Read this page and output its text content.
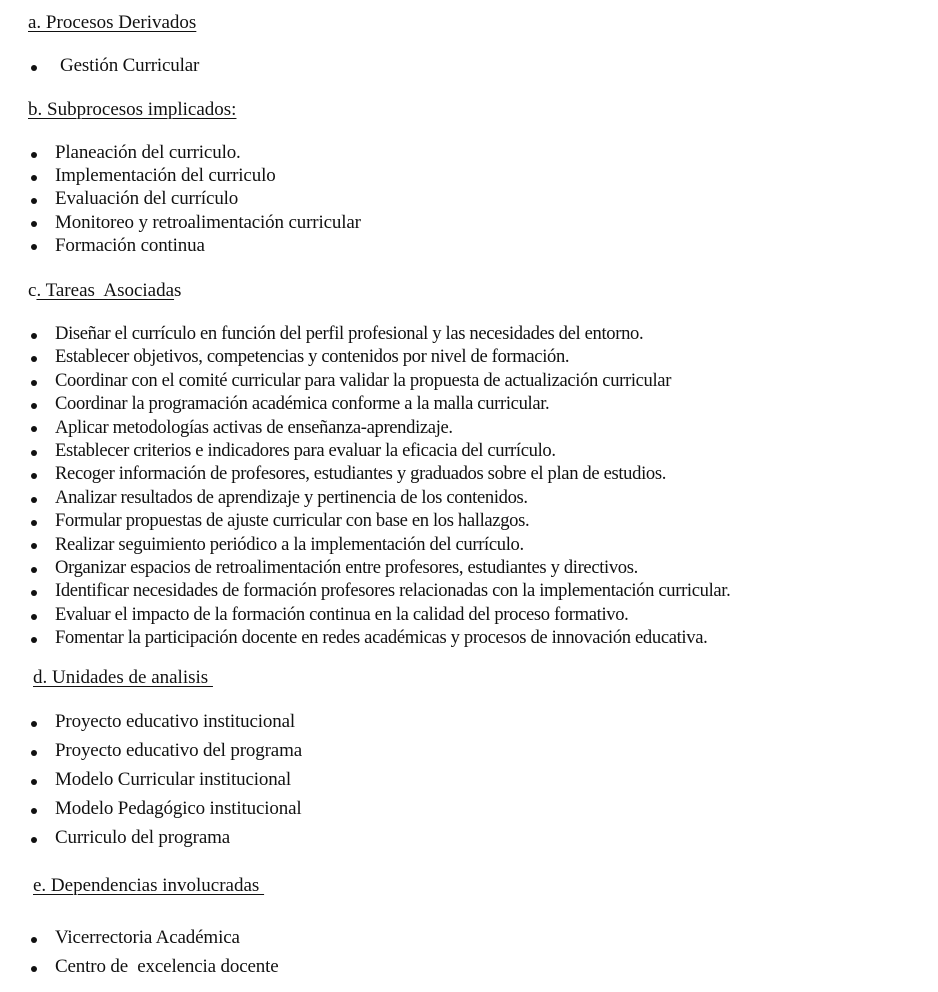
a. Procesos Derivados
Gestión Curricular
b. Subprocesos implicados:
Planeación del curriculo.
Implementación del curriculo
Evaluación del currículo
Monitoreo y retroalimentación curricular
Formación continua
c. Tareas  Asociadas
Diseñar el currículo en función del perfil profesional y las necesidades del entorno.
Establecer objetivos, competencias y contenidos por nivel de formación.
Coordinar con el comité curricular para validar la propuesta de actualización curricular
Coordinar la programación académica conforme a la malla curricular.
Aplicar metodologías activas de enseñanza-aprendizaje.
Establecer criterios e indicadores para evaluar la eficacia del currículo.
Recoger información de profesores, estudiantes y graduados sobre el plan de estudios.
Analizar resultados de aprendizaje y pertinencia de los contenidos.
Formular propuestas de ajuste curricular con base en los hallazgos.
Realizar seguimiento periódico a la implementación del currículo.
Organizar espacios de retroalimentación entre profesores, estudiantes y directivos.
Identificar necesidades de formación profesores relacionadas con la implementación curricular.
Evaluar el impacto de la formación continua en la calidad del proceso formativo.
Fomentar la participación docente en redes académicas y procesos de innovación educativa.
d. Unidades de analisis
Proyecto educativo institucional
Proyecto educativo del programa
Modelo Curricular institucional
Modelo Pedagógico institucional
Curriculo del programa
e. Dependencias involucradas
Vicerrectoria Académica
Centro de  excelencia docente
